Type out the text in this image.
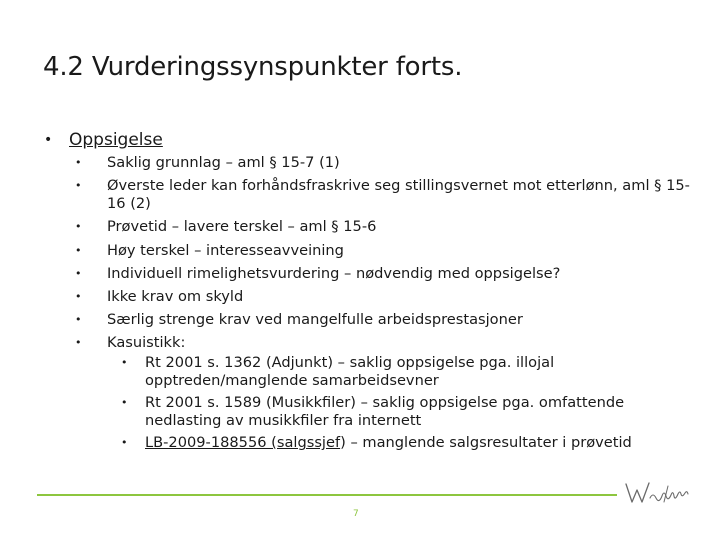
4.2 Vurderingssynspunkter forts.
• Oppsigelse
• Saklig grunnlag – aml § 15-7 (1)
• Øverste leder kan forhåndsfraskrive seg stillingsvernet mot etterlønn, aml § 15-16 (2)
• Prøvetid – lavere terskel – aml § 15-6
• Høy terskel – interesseavveining
• Individuell rimelighetsvurdering – nødvendig med oppsigelse?
• Ikke krav om skyld
• Særlig strenge krav ved mangelfulle arbeidsprestasjoner
• Kasuistikk:
• Rt 2001 s. 1362 (Adjunkt) – saklig oppsigelse pga. illojal opptreden/manglende samarbeidsevner
• Rt 2001 s. 1589 (Musikkfiler) – saklig oppsigelse pga. omfattende nedlasting av musikkfiler fra internett
• LB-2009-188556 (salgssjef) – manglende salgsresultater i prøvetid
7
